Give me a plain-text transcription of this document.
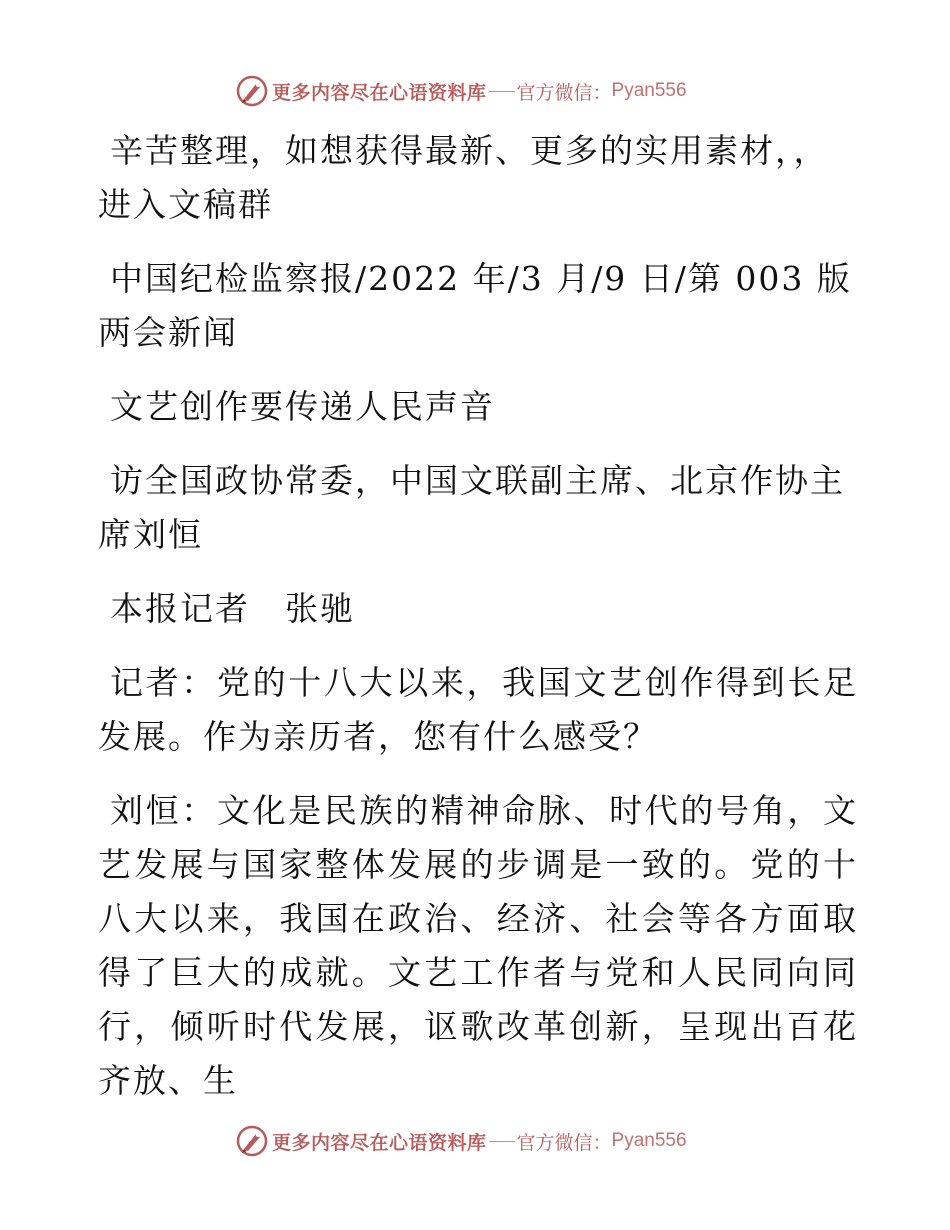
更多内容尽在心语资料库 官方微信： Pyan556

辛苦整理，如想获得最新、更多的实用素材，，进入文稿群

中国纪检监察报/2022 年/3 月/9 日/第 003 版两会新闻

文艺创作要传递人民声音

访全国政协常委，中国文联副主席、北京作协主席刘恒

本报记者　张驰

记者：党的十八大以来，我国文艺创作得到长足发展。作为亲历者，您有什么感受？

刘恒：文化是民族的精神命脉、时代的号角，文艺发展与国家整体发展的步调是一致的。党的十八大以来，我国在政治、经济、社会等各方面取得了巨大的成就。文艺工作者与党和人民同向同行，倾听时代发展，讴歌改革创新，呈现出百花齐放、生

更多内容尽在心语资料库 官方微信： Pyan556
